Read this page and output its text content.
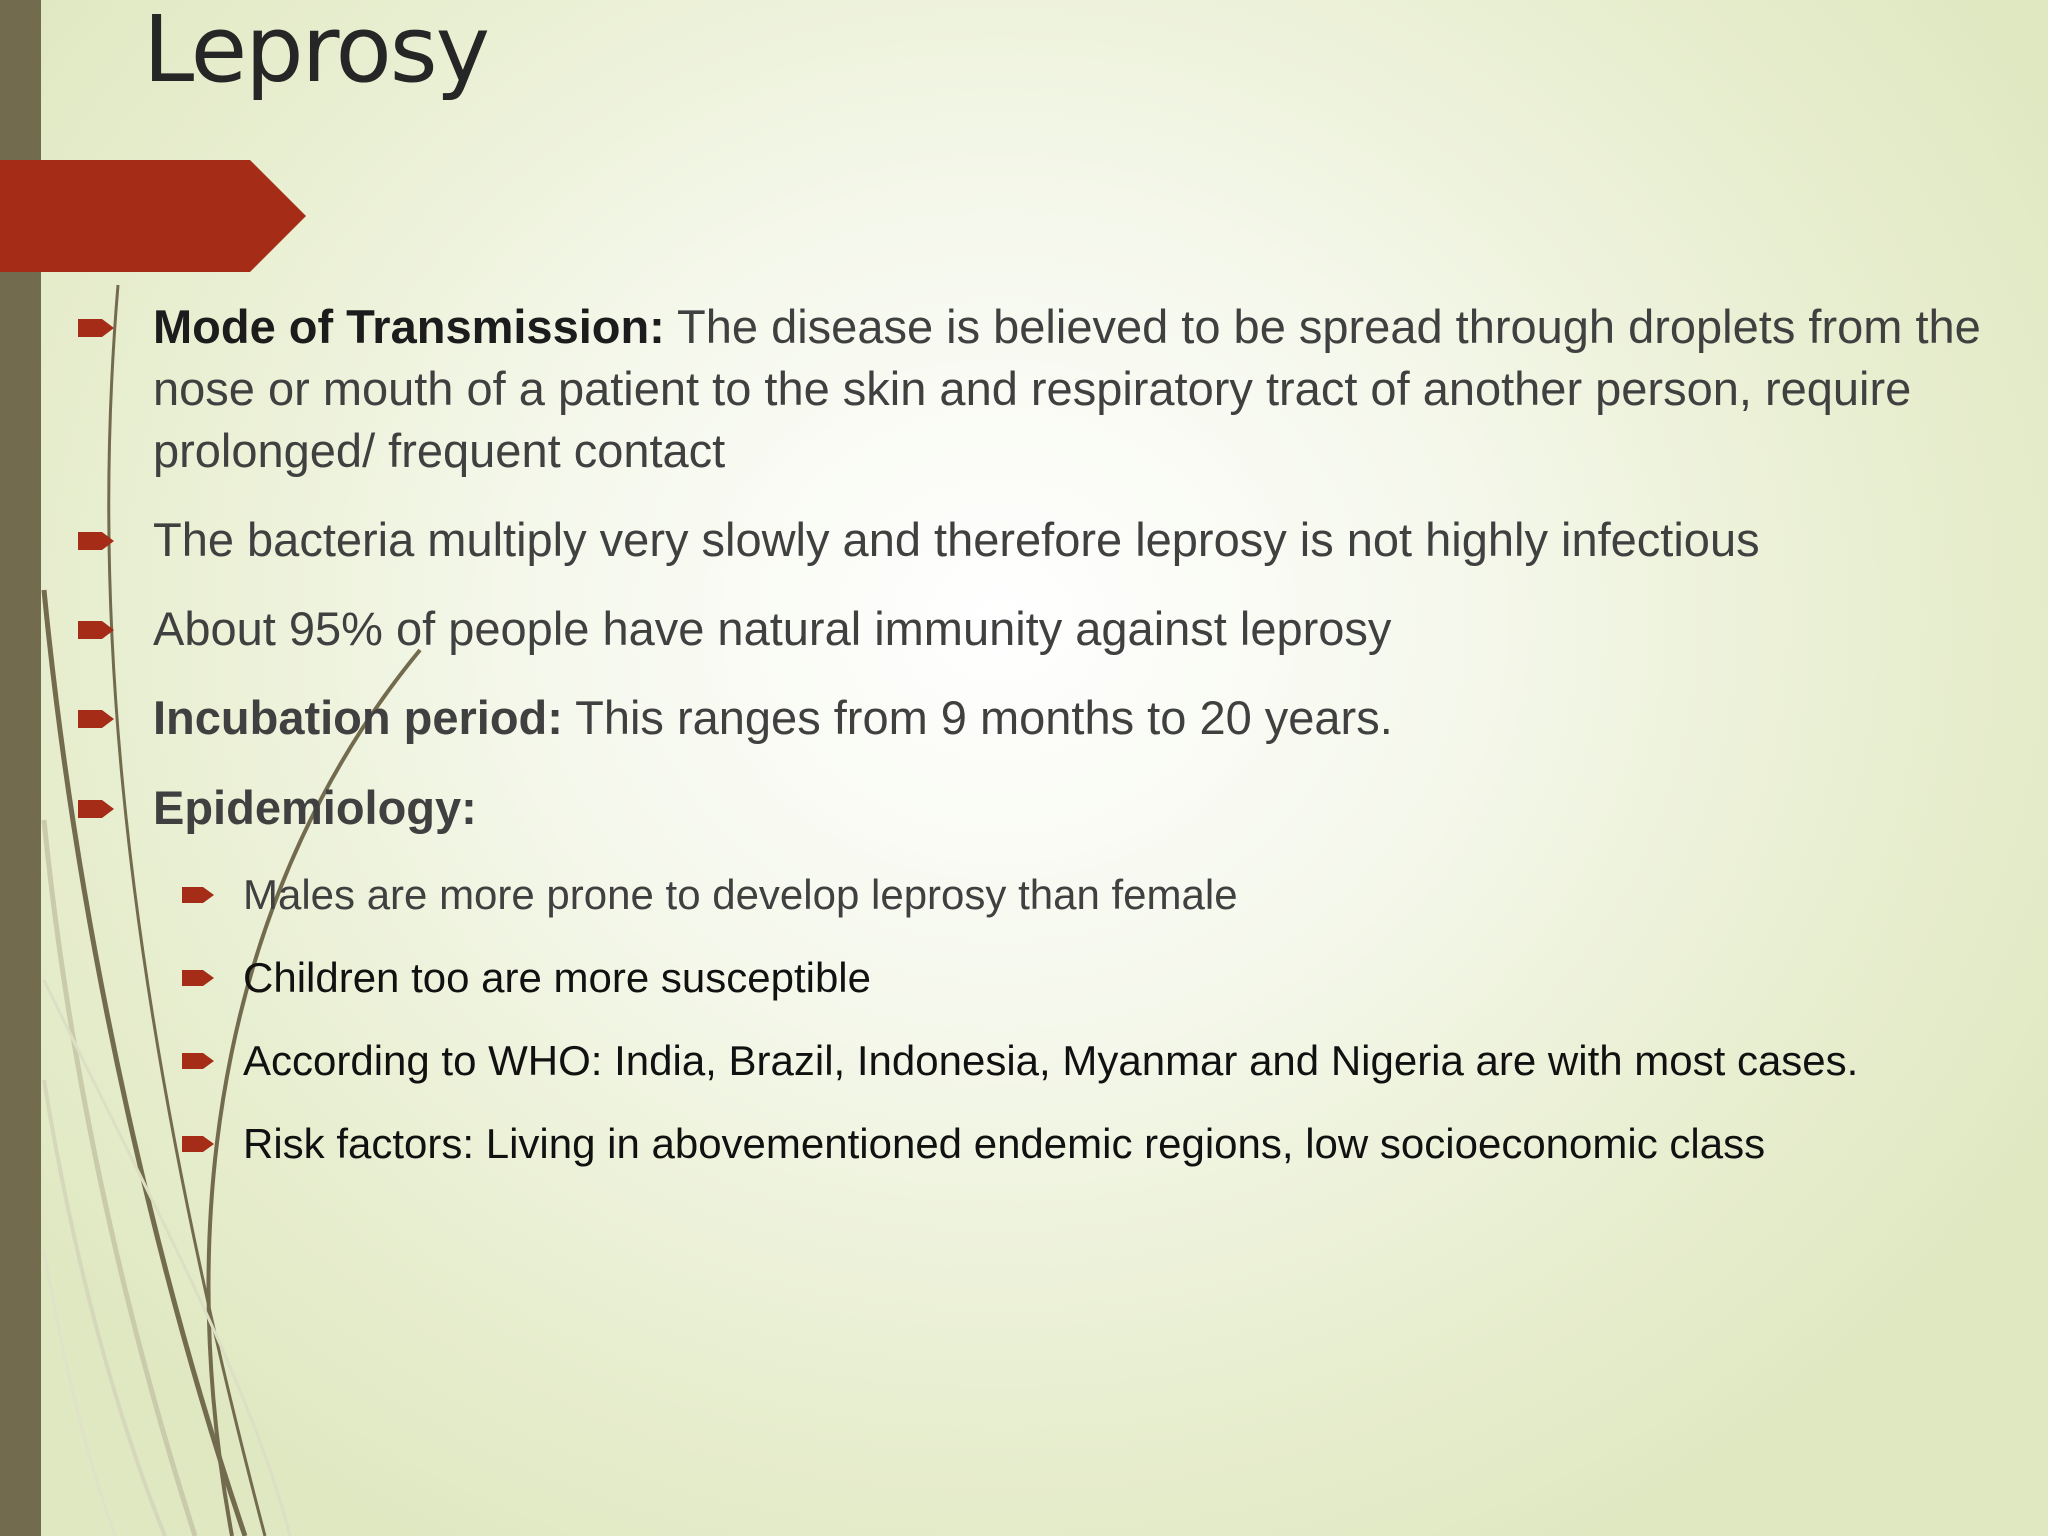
Leprosy
Mode of Transmission: The disease is believed to be spread through droplets from the nose or mouth of a patient to the skin and respiratory tract of another person, require prolonged/ frequent contact
The bacteria multiply very slowly and therefore leprosy is not highly infectious
About 95% of people have natural immunity against leprosy
Incubation period: This ranges from 9 months to 20 years.
Epidemiology:
Males are more prone to develop leprosy than female
Children too are more susceptible
According to WHO: India, Brazil, Indonesia, Myanmar and Nigeria are with most cases.
Risk factors: Living in abovementioned endemic regions, low socioeconomic class
